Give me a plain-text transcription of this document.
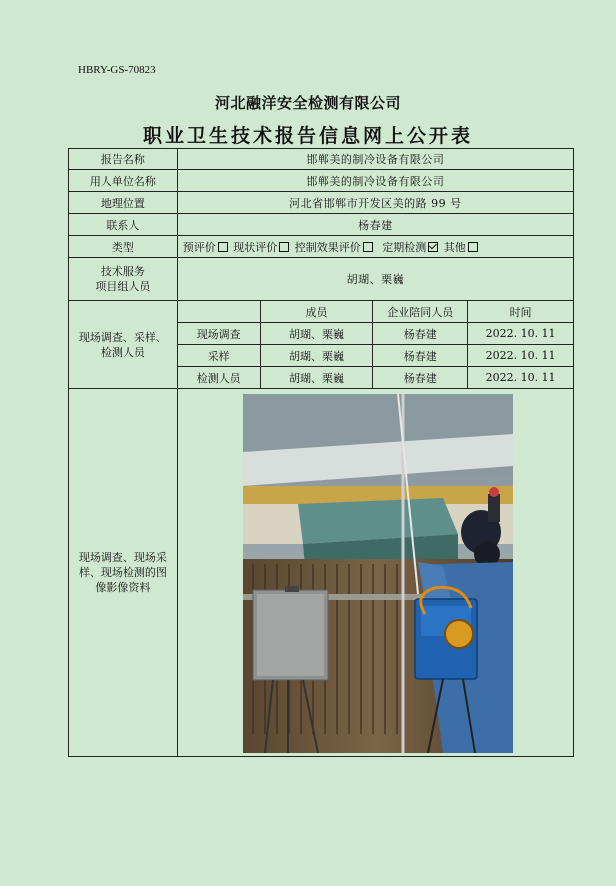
HBRY-GS-70823
河北融洋安全检测有限公司
职业卫生技术报告信息网上公开表
报告名称	邯郸美的制冷设备有限公司			
用人单位名称	邯郸美的制冷设备有限公司			
地理位置	河北省邯郸市开发区美的路 99 号			
联系人	杨春建			
类型	预评价 现状评价 控制效果评价 定期检测 其他			

技术服务
项目组人员	胡瑚、栗巍			

现场调查、采样、
检测人员		成员	企业陪同人员	时间
	现场调查	胡瑚、栗巍	杨春建	2022. 10. 11
	采样	胡瑚、栗巍	杨春建	2022. 10. 11
	检测人员	胡瑚、栗巍	杨春建	2022. 10. 11

现场调查、现场采
样、现场检测的图
像影像资料
